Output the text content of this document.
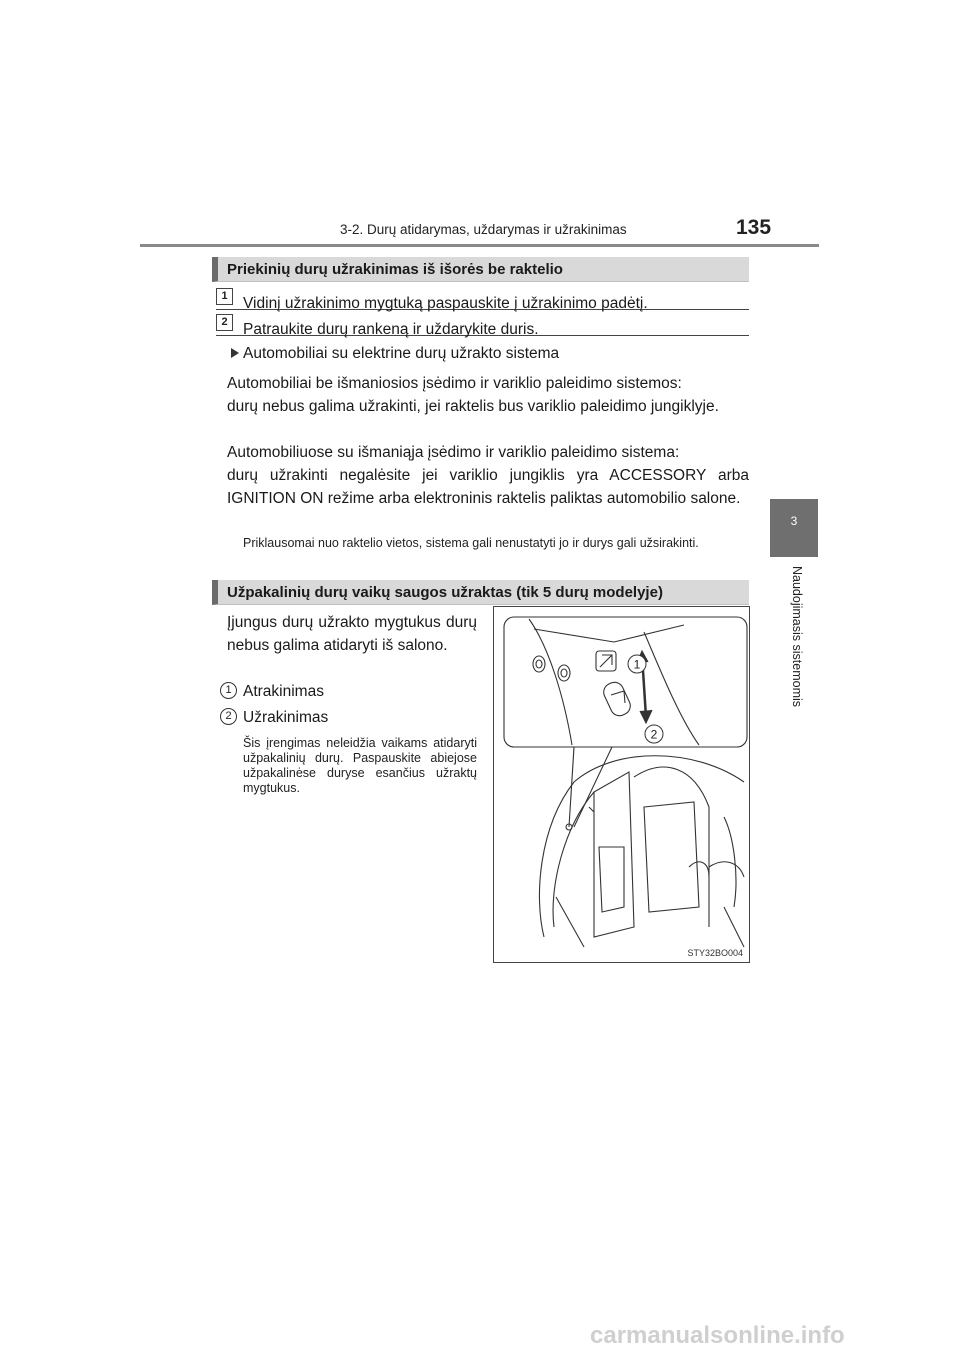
3-2. Durų atidarymas, uždarymas ir užrakinimas	135
3
Naudojimasis sistemomis
Priekinių durų užrakinimas iš išorės be raktelio
1 Vidinį užrakinimo mygtuką paspauskite į užrakinimo padėtį.
2 Patraukite durų rankeną ir uždarykite duris.
Automobiliai su elektrine durų užrakto sistema
Automobiliai be išmaniosios įsėdimo ir variklio paleidimo sistemos:
durų nebus galima užrakinti, jei raktelis bus variklio paleidimo jungiklyje.
Automobiliuose su išmaniąja įsėdimo ir variklio paleidimo sistema:
durų užrakinti negalėsite jei variklio jungiklis yra ACCESSORY arba IGNITION ON režime arba elektroninis raktelis paliktas automobilio salone.
Priklausomai nuo raktelio vietos, sistema gali nenustatyti jo ir durys gali užsirakinti.
Užpakalinių durų vaikų saugos užraktas (tik 5 durų modelyje)
Įjungus durų užrakto mygtukus durų nebus galima atidaryti iš salono.
1 Atrakinimas
2 Užrakinimas
Šis įrengimas neleidžia vaikams atidaryti užpakalinių durų. Paspauskite abiejose užpakalinėse duryse esančius užraktų mygtukus.
1
2
STY32BO004
carmanualsonline.info
